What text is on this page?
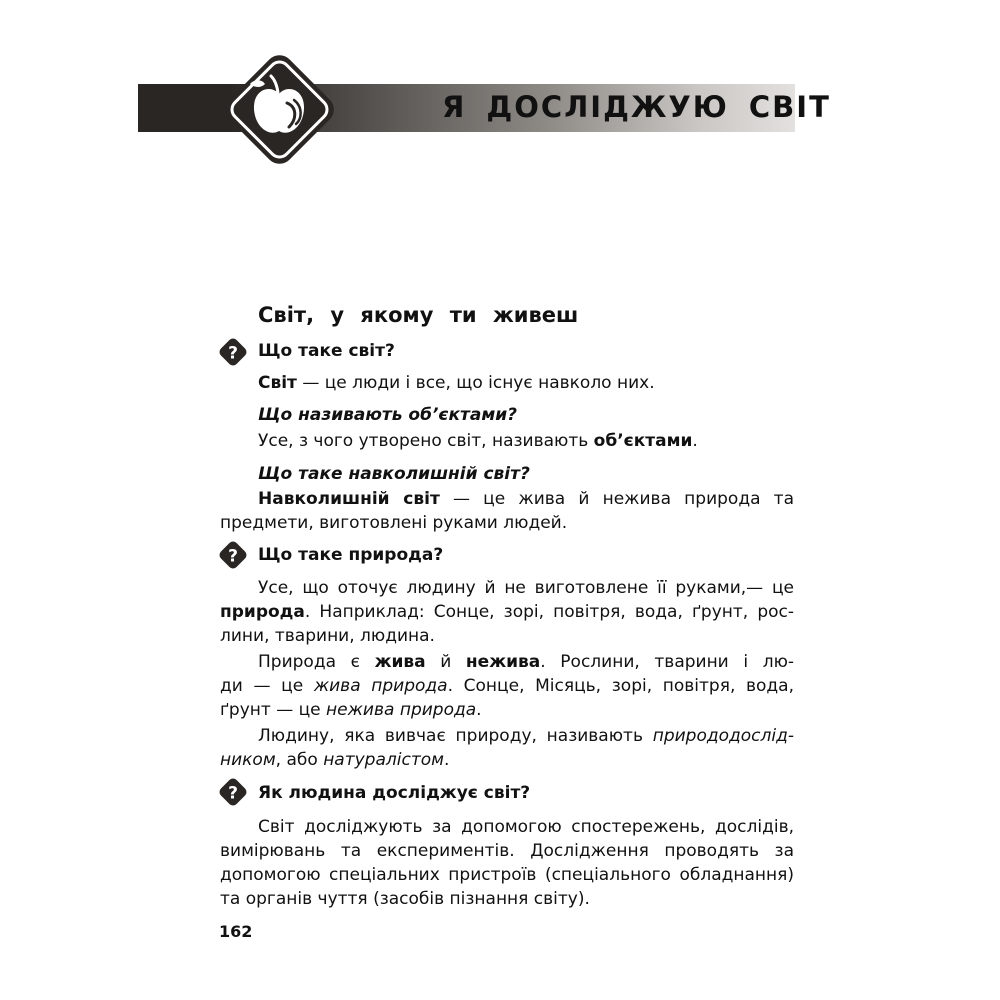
Я ДОСЛІДЖУЮ СВІТ
Світ, у якому ти живеш
? Що таке світ?
Світ — це люди і все, що існує навколо них.
Що називають об’єктами?
Усе, з чого утворено світ, називають об’єктами.
Що таке навколишній світ?
Навколишній світ — це жива й нежива природа та
предмети, виготовлені руками людей.
? Що таке природа?
Усе, що оточує людину й не виготовлене її руками,— це
природа. Наприклад: Сонце, зорі, повітря, вода, ґрунт, рос-
лини, тварини, людина.
Природа є жива й нежива. Рослини, тварини і лю-
ди — це жива природа. Сонце, Місяць, зорі, повітря, вода,
ґрунт — це нежива природа.
Людину, яка вивчає природу, називають природодослід-
ником, або натуралістом.
? Як людина досліджує світ?
Світ досліджують за допомогою спостережень, дослідів,
вимірювань та експериментів. Дослідження проводять за
допомогою спеціальних пристроїв (спеціального обладнання)
та органів чуття (засобів пізнання світу).
162
